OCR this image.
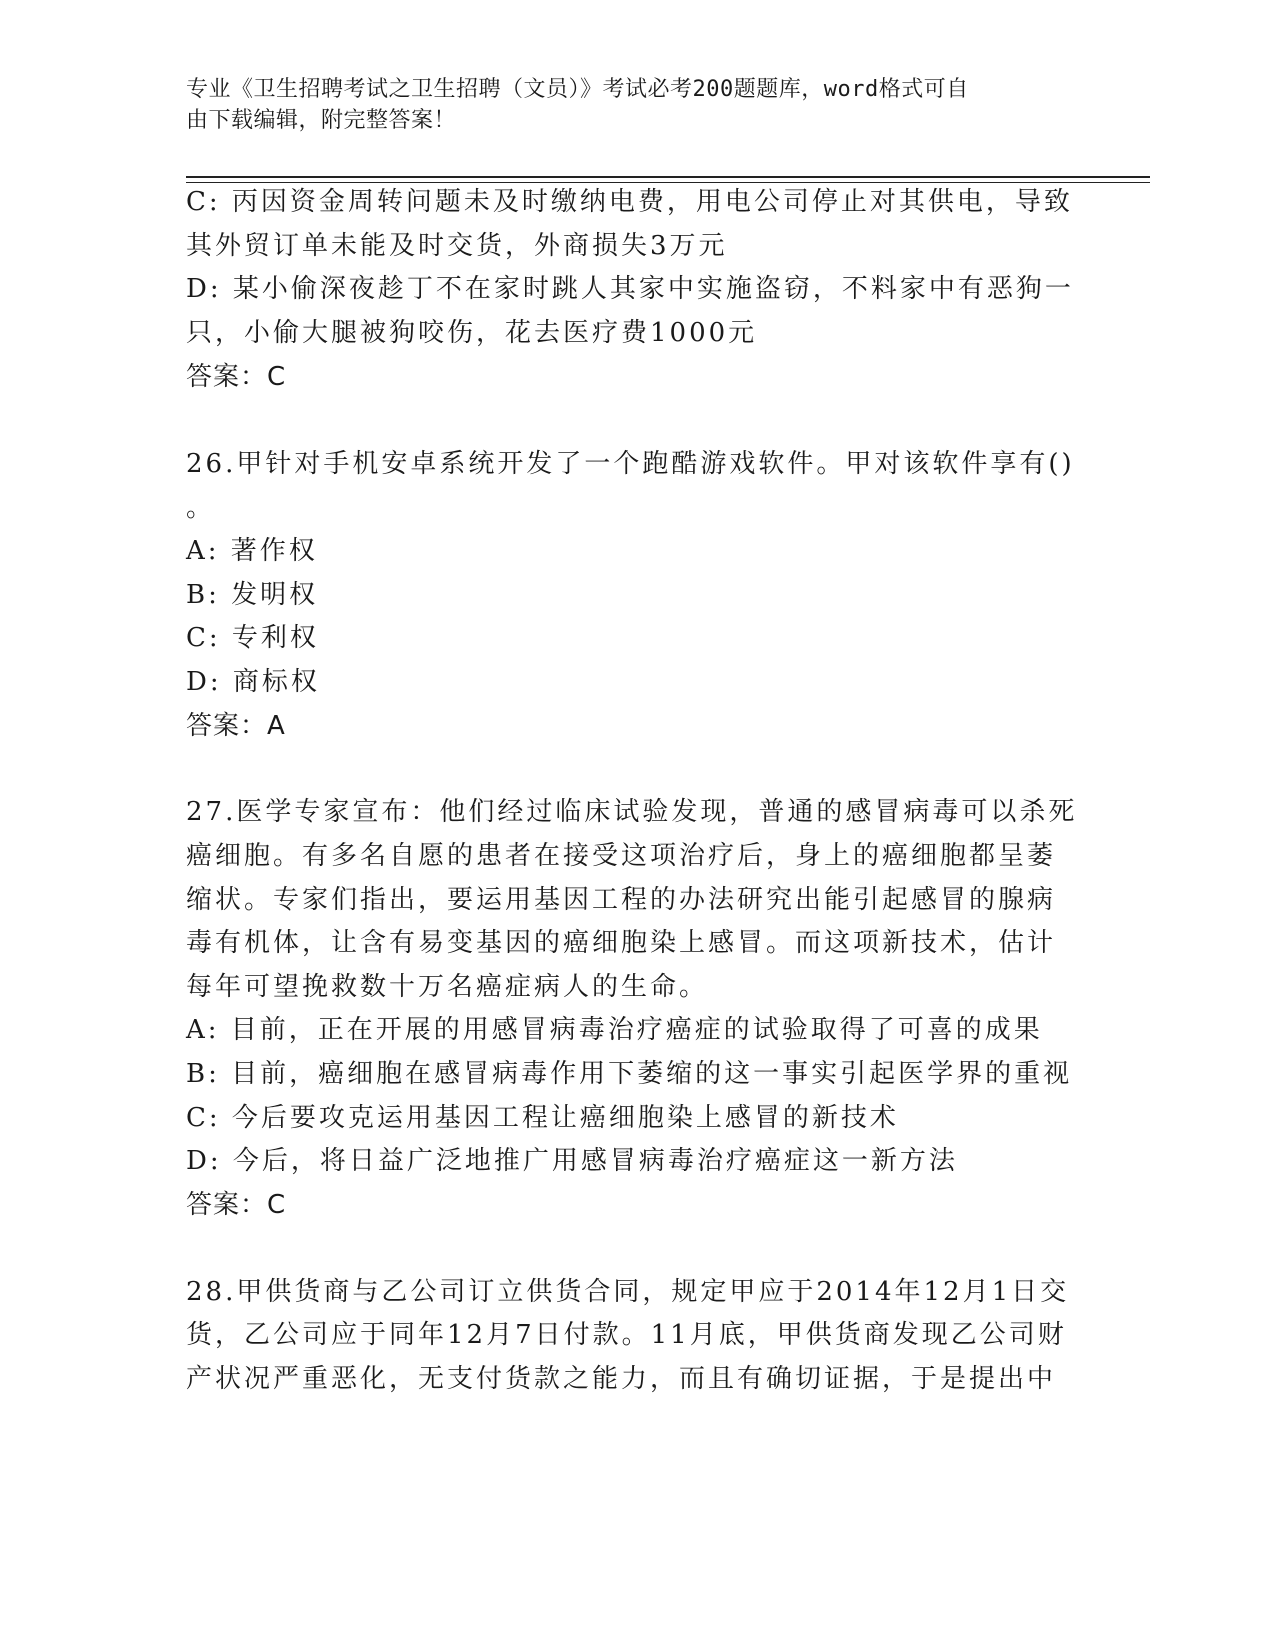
专业《卫生招聘考试之卫生招聘（文员）》考试必考200题题库，word格式可自
由下载编辑，附完整答案！
C: 丙因资金周转问题未及时缴纳电费，用电公司停止对其供电，导致
其外贸订单未能及时交货，外商损失3万元
D: 某小偷深夜趁丁不在家时跳人其家中实施盗窃，不料家中有恶狗一
只，小偷大腿被狗咬伤，花去医疗费1000元
答案：C
26.甲针对手机安卓系统开发了一个跑酷游戏软件。甲对该软件享有()
。
A: 著作权
B: 发明权
C: 专利权
D: 商标权
答案：A
27.医学专家宣布：他们经过临床试验发现，普通的感冒病毒可以杀死
癌细胞。有多名自愿的患者在接受这项治疗后，身上的癌细胞都呈萎
缩状。专家们指出，要运用基因工程的办法研究出能引起感冒的腺病
毒有机体，让含有易变基因的癌细胞染上感冒。而这项新技术，估计
每年可望挽救数十万名癌症病人的生命。
A: 目前，正在开展的用感冒病毒治疗癌症的试验取得了可喜的成果
B: 目前，癌细胞在感冒病毒作用下萎缩的这一事实引起医学界的重视
C: 今后要攻克运用基因工程让癌细胞染上感冒的新技术
D: 今后，将日益广泛地推广用感冒病毒治疗癌症这一新方法
答案：C
28.甲供货商与乙公司订立供货合同，规定甲应于2014年12月1日交
货，乙公司应于同年12月7日付款。11月底，甲供货商发现乙公司财
产状况严重恶化，无支付货款之能力，而且有确切证据，于是提出中
